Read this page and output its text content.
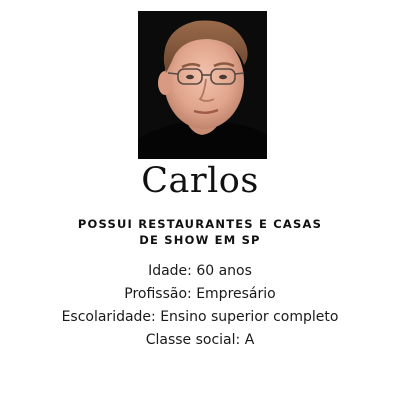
Carlos
POSSUI RESTAURANTES E CASAS DE SHOW EM SP
Idade: 60 anos
Profissão: Empresário
Escolaridade: Ensino superior completo
Classe social: A
